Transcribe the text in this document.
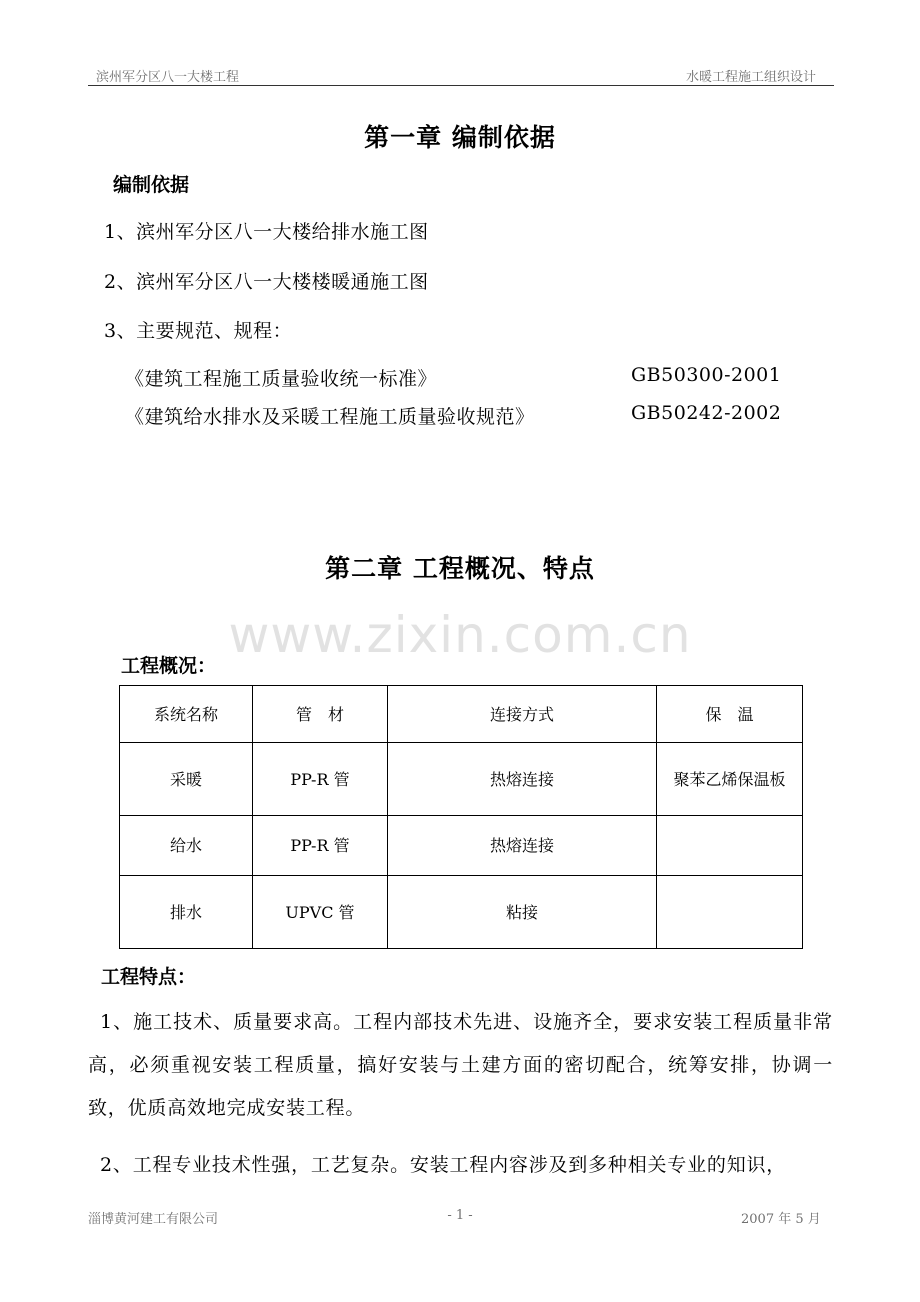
滨州军分区八一大楼工程	水暖工程施工组织设计
第一章 编制依据
编制依据
1、滨州军分区八一大楼给排水施工图
2、滨州军分区八一大楼楼暖通施工图
3、主要规范、规程：
《建筑工程施工质量验收统一标准》	GB50300-2001
《建筑给水排水及采暖工程施工质量验收规范》	GB50242-2002
第二章 工程概况、特点
www.zixin.com.cn
工程概况：
系统名称	管　材	连接方式	保　温
采暖	PP-R 管	热熔连接	聚苯乙烯保温板
给水	PP-R 管	热熔连接	
排水	UPVC 管	粘接	
工程特点：
1、施工技术、质量要求高。工程内部技术先进、设施齐全，要求安装工程质量非常高，必须重视安装工程质量，搞好安装与土建方面的密切配合，统筹安排，协调一致，优质高效地完成安装工程。
2、工程专业技术性强，工艺复杂。安装工程内容涉及到多种相关专业的知识，
淄博黄河建工有限公司	- 1 -	2007 年 5 月
